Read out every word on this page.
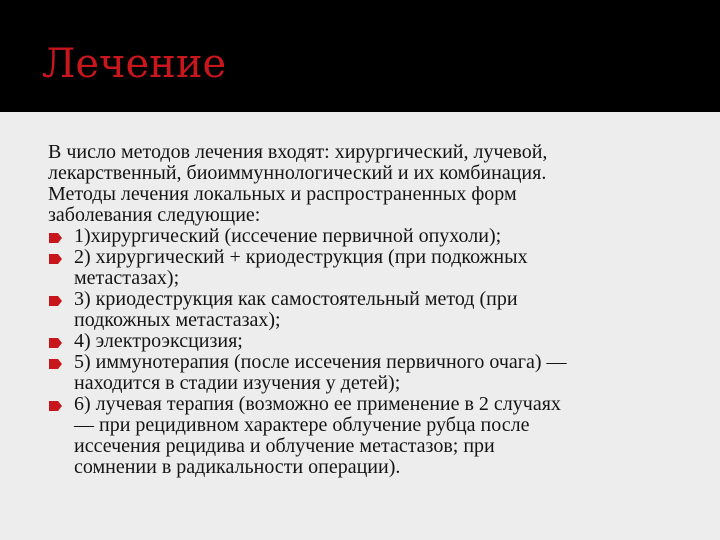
Лечение

В число методов лечения входят: хирургический, лучевой,
лекарственный, биоиммуннологический и их комбинация.
Методы лечения локальных и распространенных форм
заболевания следующие:

1)хирургический (иссечение первичной опухоли);
2) хирургический + криодеструкция (при подкожных
метастазах);
3) криодеструкция как самостоятельный метод (при
подкожных метастазах);
4) электроэксцизия;
5) иммунотерапия (после иссечения первичного очага) —
находится в стадии изучения у детей);
6) лучевая терапия (возможно ее применение в 2 случаях
— при рецидивном характере облучение рубца после
иссечения рецидива и облучение метастазов; при
сомнении в радикальности операции).
